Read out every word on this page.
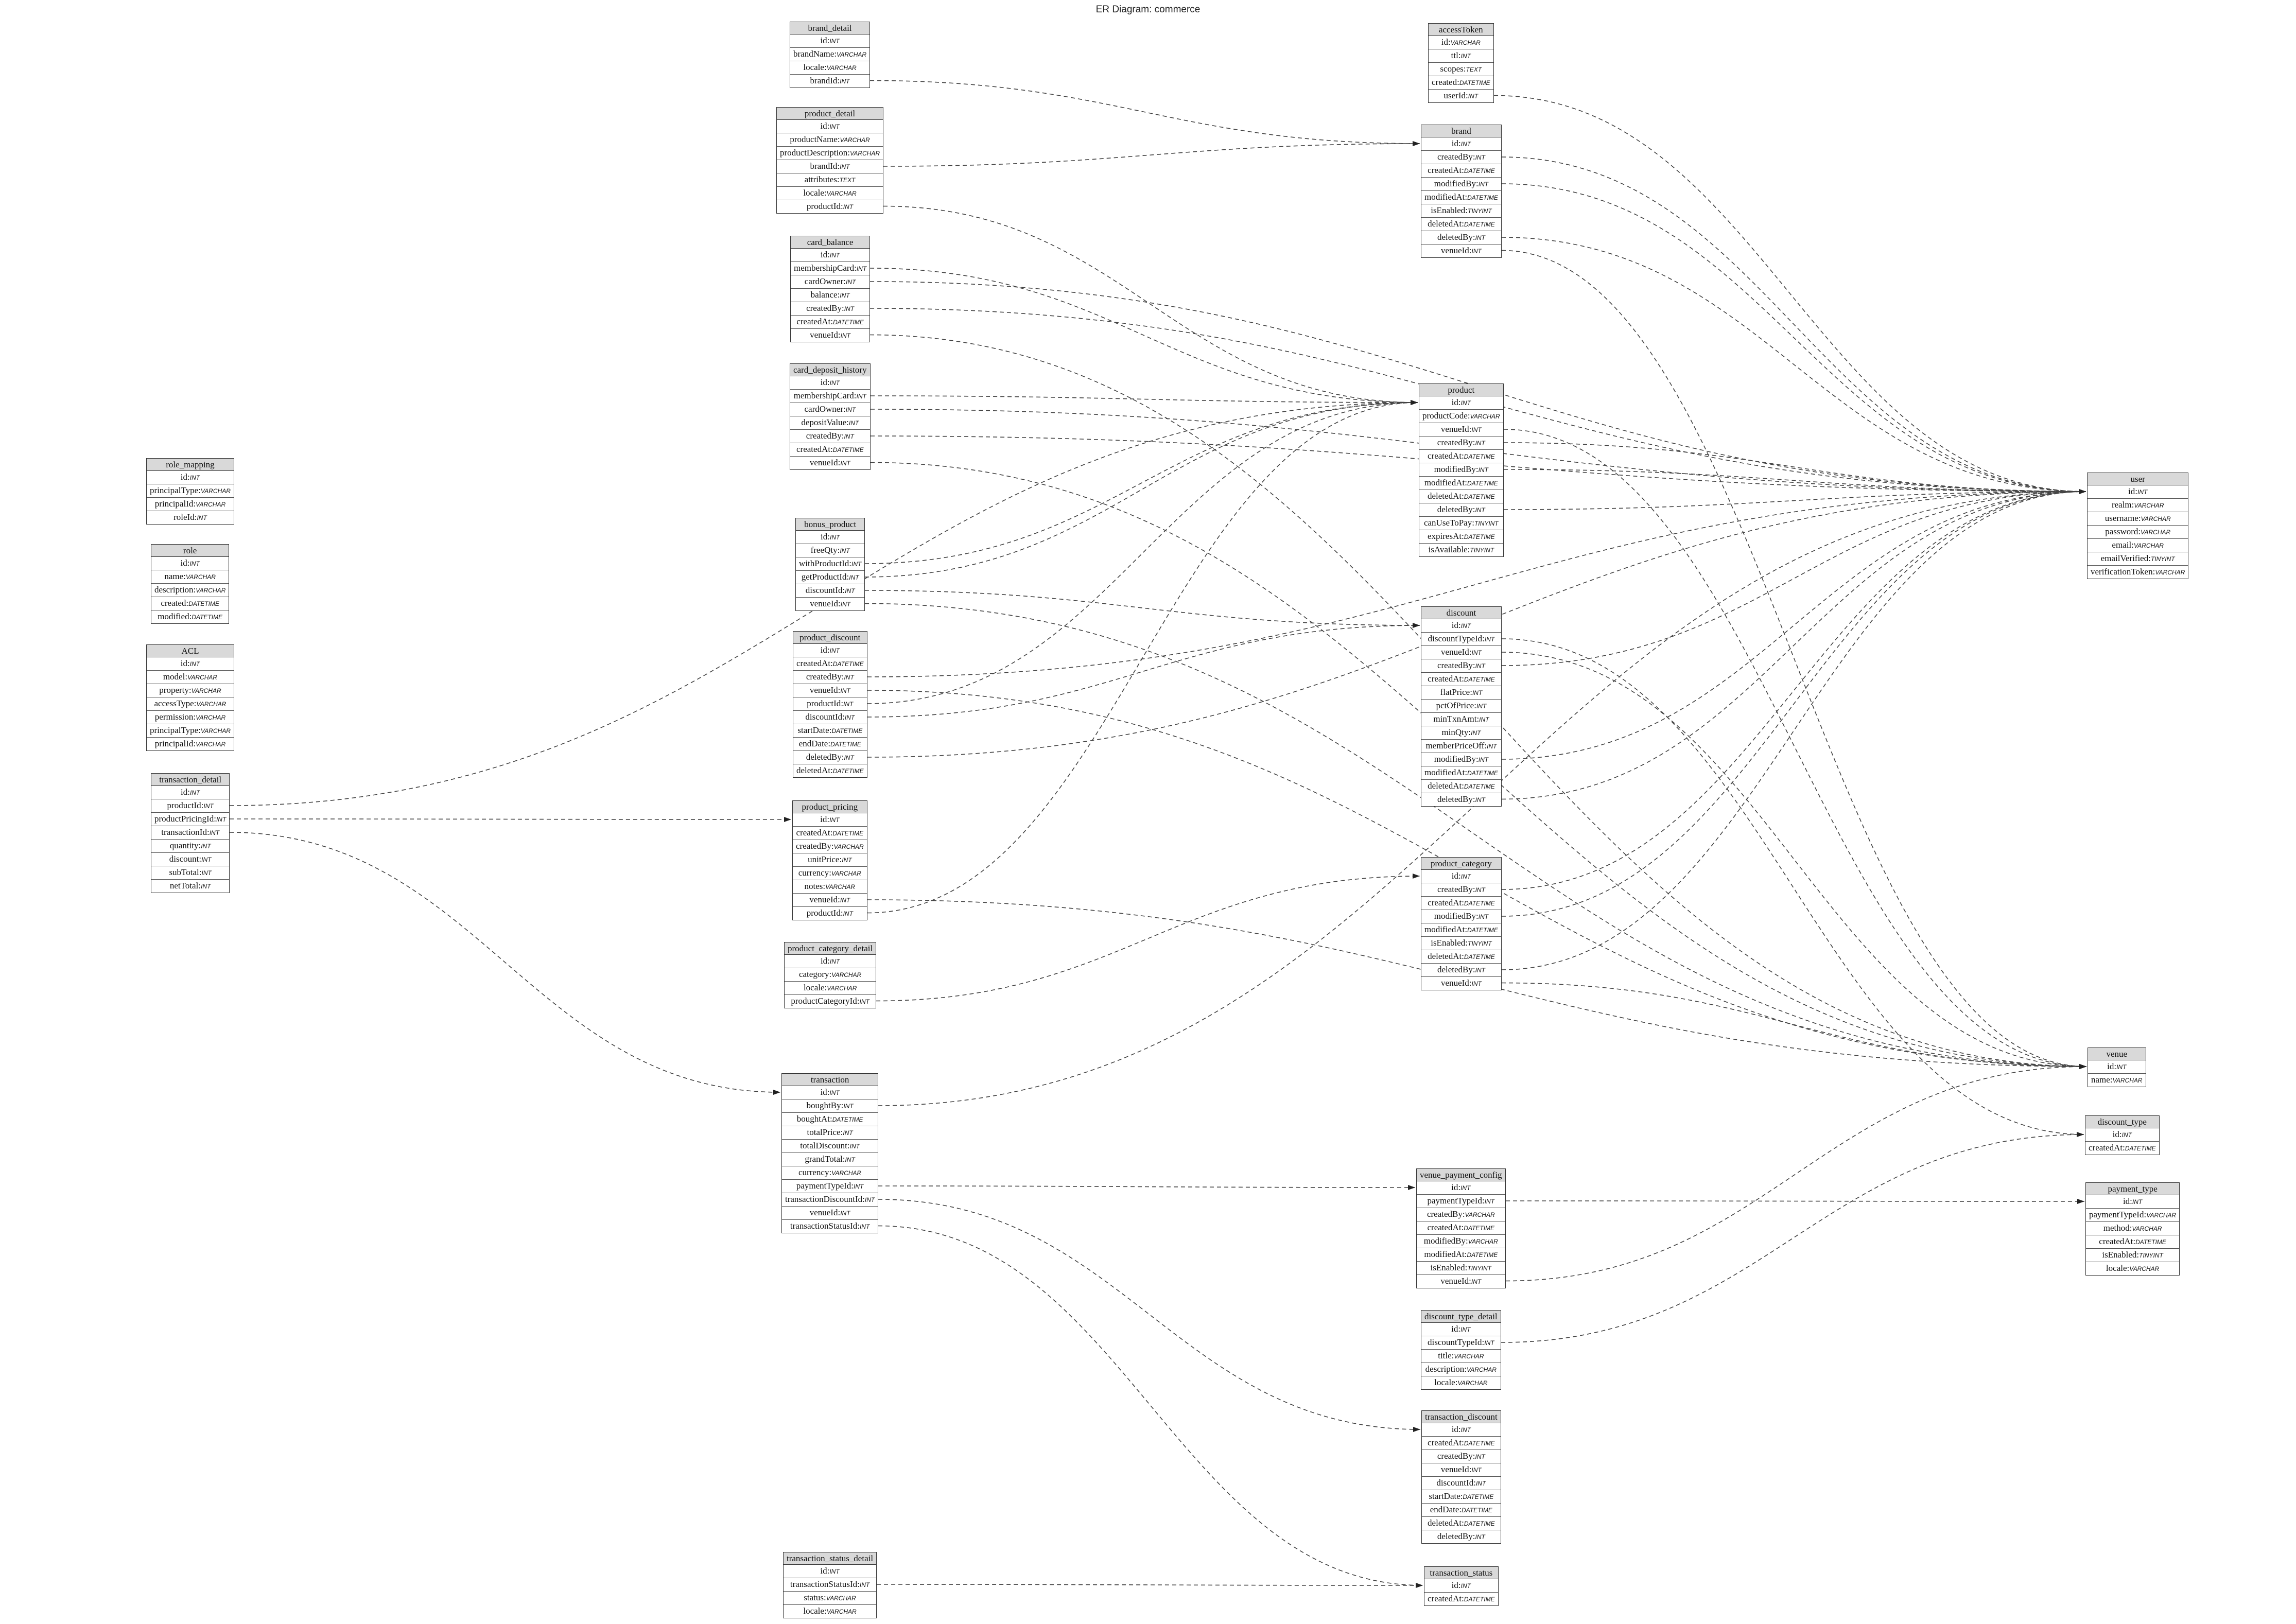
ER Diagram: commerce
brand_detail
id:INT
brandName:VARCHAR
locale:VARCHAR
brandId:INT
product_detail
id:INT
productName:VARCHAR
productDescription:VARCHAR
brandId:INT
attributes:TEXT
locale:VARCHAR
productId:INT
card_balance
id:INT
membershipCard:INT
cardOwner:INT
balance:INT
createdBy:INT
createdAt:DATETIME
venueId:INT
card_deposit_history
id:INT
membershipCard:INT
cardOwner:INT
depositValue:INT
createdBy:INT
createdAt:DATETIME
venueId:INT
bonus_product
id:INT
freeQty:INT
withProductId:INT
getProductId:INT
discountId:INT
venueId:INT
product_discount
id:INT
createdAt:DATETIME
createdBy:INT
venueId:INT
productId:INT
discountId:INT
startDate:DATETIME
endDate:DATETIME
deletedBy:INT
deletedAt:DATETIME
product_pricing
id:INT
createdAt:DATETIME
createdBy:VARCHAR
unitPrice:INT
currency:VARCHAR
notes:VARCHAR
venueId:INT
productId:INT
product_category_detail
id:INT
category:VARCHAR
locale:VARCHAR
productCategoryId:INT
transaction
id:INT
boughtBy:INT
boughtAt:DATETIME
totalPrice:INT
totalDiscount:INT
grandTotal:INT
currency:VARCHAR
paymentTypeId:INT
transactionDiscountId:INT
venueId:INT
transactionStatusId:INT
transaction_status_detail
id:INT
transactionStatusId:INT
status:VARCHAR
locale:VARCHAR
role_mapping
id:INT
principalType:VARCHAR
principalId:VARCHAR
roleId:INT
role
id:INT
name:VARCHAR
description:VARCHAR
created:DATETIME
modified:DATETIME
ACL
id:INT
model:VARCHAR
property:VARCHAR
accessType:VARCHAR
permission:VARCHAR
principalType:VARCHAR
principalId:VARCHAR
transaction_detail
id:INT
productId:INT
productPricingId:INT
transactionId:INT
quantity:INT
discount:INT
subTotal:INT
netTotal:INT
accessToken
id:VARCHAR
ttl:INT
scopes:TEXT
created:DATETIME
userId:INT
brand
id:INT
createdBy:INT
createdAt:DATETIME
modifiedBy:INT
modifiedAt:DATETIME
isEnabled:TINYINT
deletedAt:DATETIME
deletedBy:INT
venueId:INT
product
id:INT
productCode:VARCHAR
venueId:INT
createdBy:INT
createdAt:DATETIME
modifiedBy:INT
modifiedAt:DATETIME
deletedAt:DATETIME
deletedBy:INT
canUseToPay:TINYINT
expiresAt:DATETIME
isAvailable:TINYINT
discount
id:INT
discountTypeId:INT
venueId:INT
createdBy:INT
createdAt:DATETIME
flatPrice:INT
pctOfPrice:INT
minTxnAmt:INT
minQty:INT
memberPriceOff:INT
modifiedBy:INT
modifiedAt:DATETIME
deletedAt:DATETIME
deletedBy:INT
product_category
id:INT
createdBy:INT
createdAt:DATETIME
modifiedBy:INT
modifiedAt:DATETIME
isEnabled:TINYINT
deletedAt:DATETIME
deletedBy:INT
venueId:INT
venue_payment_config
id:INT
paymentTypeId:INT
createdBy:VARCHAR
createdAt:DATETIME
modifiedBy:VARCHAR
modifiedAt:DATETIME
isEnabled:TINYINT
venueId:INT
discount_type_detail
id:INT
discountTypeId:INT
title:VARCHAR
description:VARCHAR
locale:VARCHAR
transaction_discount
id:INT
createdAt:DATETIME
createdBy:INT
venueId:INT
discountId:INT
startDate:DATETIME
endDate:DATETIME
deletedAt:DATETIME
deletedBy:INT
transaction_status
id:INT
createdAt:DATETIME
user
id:INT
realm:VARCHAR
username:VARCHAR
password:VARCHAR
email:VARCHAR
emailVerified:TINYINT
verificationToken:VARCHAR
venue
id:INT
name:VARCHAR
discount_type
id:INT
createdAt:DATETIME
payment_type
id:INT
paymentTypeId:VARCHAR
method:VARCHAR
createdAt:DATETIME
isEnabled:TINYINT
locale:VARCHAR
